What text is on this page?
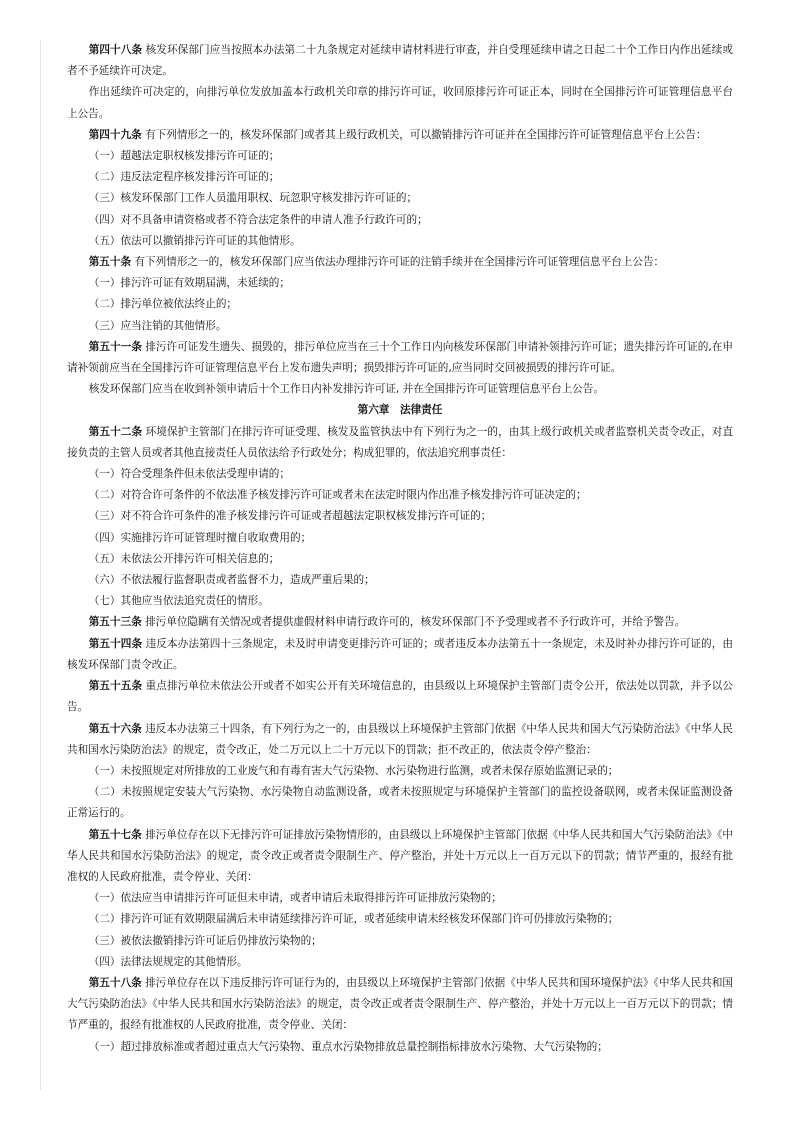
第四十八条 核发环保部门应当按照本办法第二十九条规定对延续申请材料进行审查，并自受理延续申请之日起二十个工作日内作出延续或者不予延续许可决定。

作出延续许可决定的，向排污单位发放加盖本行政机关印章的排污许可证，收回原排污许可证正本，同时在全国排污许可证管理信息平台上公告。

第四十九条 有下列情形之一的，核发环保部门或者其上级行政机关，可以撤销排污许可证并在全国排污许可证管理信息平台上公告：

（一）超越法定职权核发排污许可证的；

（二）违反法定程序核发排污许可证的；

（三）核发环保部门工作人员滥用职权、玩忽职守核发排污许可证的；

（四）对不具备申请资格或者不符合法定条件的申请人准予行政许可的；

（五）依法可以撤销排污许可证的其他情形。

第五十条 有下列情形之一的，核发环保部门应当依法办理排污许可证的注销手续并在全国排污许可证管理信息平台上公告：

（一）排污许可证有效期届满，未延续的；

（二）排污单位被依法终止的；

（三）应当注销的其他情形。

第五十一条 排污许可证发生遗失、损毁的，排污单位应当在三十个工作日内向核发环保部门申请补领排污许可证；遗失排污许可证的,在申请补领前应当在全国排污许可证管理信息平台上发布遗失声明；损毁排污许可证的,应当同时交回被损毁的排污许可证。

核发环保部门应当在收到补领申请后十个工作日内补发排污许可证, 并在全国排污许可证管理信息平台上公告。

第六章　法律责任

第五十二条 环境保护主管部门在排污许可证受理、核发及监管执法中有下列行为之一的，由其上级行政机关或者监察机关责令改正，对直接负责的主管人员或者其他直接责任人员依法给予行政处分；构成犯罪的，依法追究刑事责任：

（一）符合受理条件但未依法受理申请的；

（二）对符合许可条件的不依法准予核发排污许可证或者未在法定时限内作出准予核发排污许可证决定的；

（三）对不符合许可条件的准予核发排污许可证或者超越法定职权核发排污许可证的；

（四）实施排污许可证管理时擅自收取费用的；

（五）未依法公开排污许可相关信息的；

（六）不依法履行监督职责或者监督不力，造成严重后果的；

（七）其他应当依法追究责任的情形。

第五十三条 排污单位隐瞒有关情况或者提供虚假材料申请行政许可的，核发环保部门不予受理或者不予行政许可，并给予警告。

第五十四条 违反本办法第四十三条规定，未及时申请变更排污许可证的；或者违反本办法第五十一条规定，未及时补办排污许可证的，由核发环保部门责令改正。

第五十五条 重点排污单位未依法公开或者不如实公开有关环境信息的，由县级以上环境保护主管部门责令公开，依法处以罚款，并予以公告。

第五十六条 违反本办法第三十四条，有下列行为之一的，由县级以上环境保护主管部门依据《中华人民共和国大气污染防治法》《中华人民共和国水污染防治法》的规定，责令改正，处二万元以上二十万元以下的罚款；拒不改正的，依法责令停产整治：

（一）未按照规定对所排放的工业废气和有毒有害大气污染物、水污染物进行监测，或者未保存原始监测记录的；

（二）未按照规定安装大气污染物、水污染物自动监测设备，或者未按照规定与环境保护主管部门的监控设备联网，或者未保证监测设备正常运行的。

第五十七条 排污单位存在以下无排污许可证排放污染物情形的，由县级以上环境保护主管部门依据《中华人民共和国大气污染防治法》《中华人民共和国水污染防治法》的规定，责令改正或者责令限制生产、停产整治，并处十万元以上一百万元以下的罚款；情节严重的，报经有批准权的人民政府批准，责令停业、关闭：

（一）依法应当申请排污许可证但未申请，或者申请后未取得排污许可证排放污染物的；

（二）排污许可证有效期限届满后未申请延续排污许可证，或者延续申请未经核发环保部门许可仍排放污染物的；

（三）被依法撤销排污许可证后仍排放污染物的；

（四）法律法规规定的其他情形。

第五十八条 排污单位存在以下违反排污许可证行为的，由县级以上环境保护主管部门依据《中华人民共和国环境保护法》《中华人民共和国大气污染防治法》《中华人民共和国水污染防治法》的规定，责令改正或者责令限制生产、停产整治，并处十万元以上一百万元以下的罚款；情节严重的，报经有批准权的人民政府批准，责令停业、关闭：

（一）超过排放标准或者超过重点大气污染物、重点水污染物排放总量控制指标排放水污染物、大气污染物的；
